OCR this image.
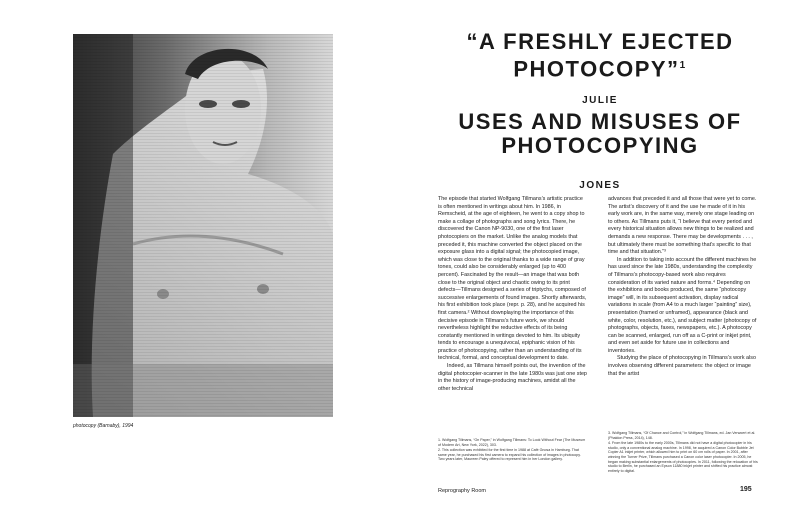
photocopy (Barnaby), 1994
“A FRESHLY EJECTED PHOTOCOPY”$^1$
JULIE
USES AND MISUSES OF PHOTOCOPYING
JONES

The episode that started Wolfgang Tillmans’s artistic practice is often mentioned in writings about him. In 1986, in Remscheid, at the age of eighteen, he went to a copy shop to make a collage of photographs and song lyrics. There, he discovered the Canon NP-9030, one of the first laser photocopiers on the market. Unlike the analog models that preceded it, this machine converted the object placed on the exposure glass into a digital signal; the photocopied image, which was close to the original thanks to a wide range of gray tones, could also be considerably enlarged (up to 400 percent). Fascinated by the result—an image that was both close to the original object and chaotic owing to its print defects—Tillmans designed a series of triptychs, composed of successive enlargements of found images. Shortly afterwards, his first exhibition took place (repr. p. 28), and he acquired his first camera.² Without downplaying the importance of this decisive episode in Tillmans’s future work, we should nevertheless highlight the reductive effects of its being constantly mentioned in writings devoted to him. Its ubiquity tends to encourage a unequivocal, epiphanic vision of his practice of photocopying, rather than an understanding of its technical, formal, and conceptual development to date.

Indeed, as Tillmans himself points out, the invention of the digital photocopier-scanner in the late 1980s was just one step in the history of image-producing machines, amidst all the other technical

advances that preceded it and all those that were yet to come. The artist’s discovery of it and the use he made of it in his early work are, in the same way, merely one stage leading on to others. As Tillmans puts it, “I believe that every period and every historical situation allows new things to be realized and demands a new response. There may be developments . . . , but ultimately there must be something that’s specific to that time and that situation.”³

In addition to taking into account the different machines he has used since the late 1980s, understanding the complexity of Tillmans’s photocopy-based work also requires consideration of its varied nature and forms.⁴ Depending on the exhibitions and books produced, the same “photocopy image” will, in its subsequent activation, display radical variations in scale (from A4 to a much larger “painting” size), presentation (framed or unframed), appearance (black and white, color, resolution, etc.), and subject matter (photocopy of photographs, objects, faxes, newspapers, etc.). A photocopy can be scanned, enlarged, run off as a C-print or inkjet print, and even set aside for future use in collections and inventories.

Studying the place of photocopying in Tillmans’s work also involves observing different parameters: the object or image that the artist

1. Wolfgang Tillmans, “On Paper,” in Wolfgang Tillmans: To Look Without Fear (The Museum of Modern Art, New York, 2022), 303.

2. This collection was exhibited for the first time in 1988 at Café Gnosa in Hamburg. That same year, he purchased his first camera to expand his collection of images in photocopy. Two years later, Maureen Paley offered to represent him in her London gallery.

3. Wolfgang Tillmans, “Of Chance and Control,” in Wolfgang Tillmans, ed. Jan Verwoert et al. (Phaidon Press, 2014), 148.

4. From the late 1980s to the early 2000s, Tillmans did not have a digital photocopier in his studio, only a conventional analog machine. In 1998, he acquired a Canon Color Bubble Jet Copier A1 inkjet printer, which allowed him to print on 60 cm rolls of paper. In 2001, after winning the Turner Prize, Tillmans purchased a Canon color laser photocopier. In 2005, he began making substantial enlargements of photocopies. In 2011, following the relocation of his studio to Berlin, he purchased an Epson 11880 inkjet printer and shifted his practice almost entirely to digital.

Reprography Room	195
